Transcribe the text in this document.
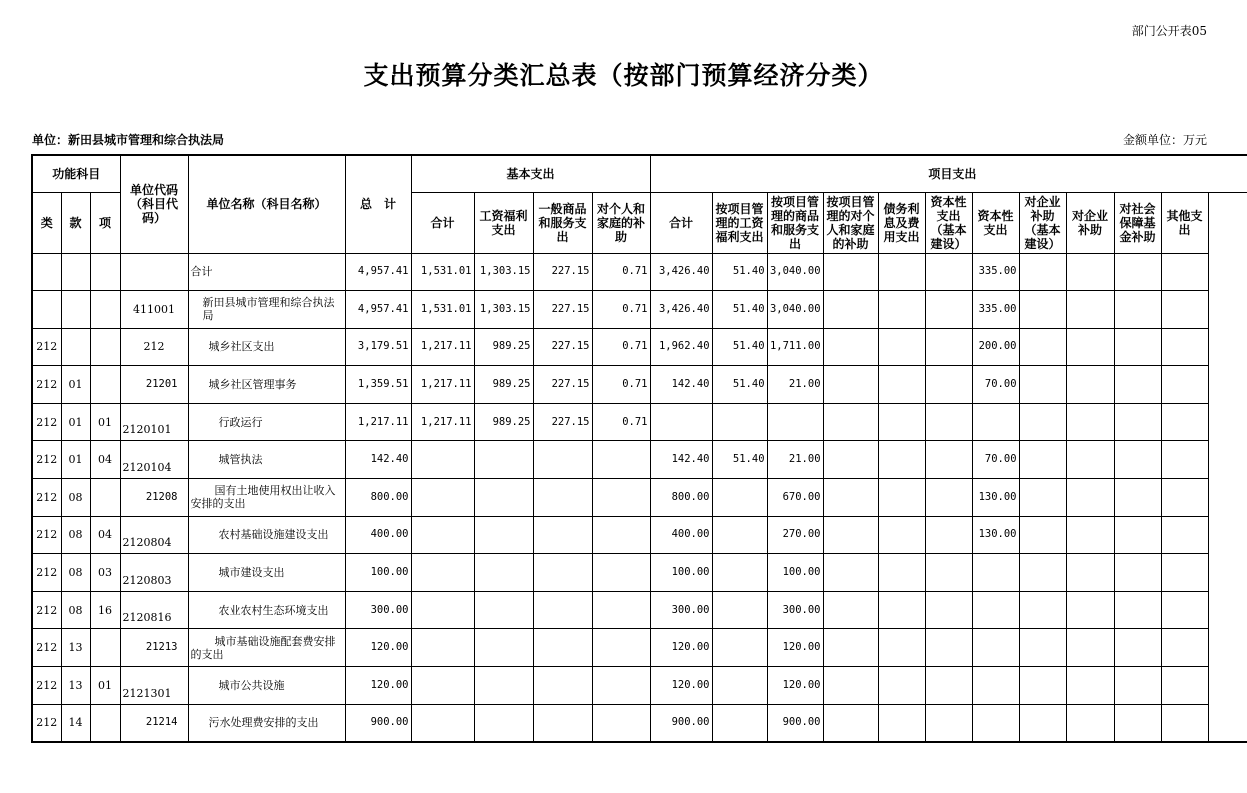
部门公开表05
支出预算分类汇总表（按部门预算经济分类）
单位：新田县城市管理和综合执法局	金额单位：万元
功能科目			单位代码（科目代码）	单位名称（科目名称）	总　计	基本支出				项目支出										
类	款	项				合计	工资福利支出	一般商品和服务支出	对个人和家庭的补助	合计	按项目管理的工资福利支出	按项目管理的商品和服务支出	按项目管理的对个人和家庭的补助	债务利息及费用支出	资本性支出（基本建设）	资本性支出	对企业补助（基本建设）	对企业补助	对社会保障基金补助	其他支出
				合计	4,957.41	1,531.01	1,303.15	227.15	0.71	3,426.40	51.40	3,040.00				335.00				
			411001	新田县城市管理和综合执法局	4,957.41	1,531.01	1,303.15	227.15	0.71	3,426.40	51.40	3,040.00				335.00				
212			212	城乡社区支出	3,179.51	1,217.11	989.25	227.15	0.71	1,962.40	51.40	1,711.00				200.00				
212	01		21201	城乡社区管理事务	1,359.51	1,217.11	989.25	227.15	0.71	142.40	51.40	21.00				70.00				
212	01	01	2120101	行政运行	1,217.11	1,217.11	989.25	227.15	0.71											
212	01	04	2120104	城管执法	142.40					142.40	51.40	21.00				70.00				
212	08		21208	国有土地使用权出让收入安排的支出	800.00					800.00		670.00				130.00				
212	08	04	2120804	农村基础设施建设支出	400.00					400.00		270.00				130.00				
212	08	03	2120803	城市建设支出	100.00					100.00		100.00								
212	08	16	2120816	农业农村生态环境支出	300.00					300.00		300.00								
212	13		21213	城市基础设施配套费安排的支出	120.00					120.00		120.00								
212	13	01	2121301	城市公共设施	120.00					120.00		120.00								
212	14		21214	污水处理费安排的支出	900.00					900.00		900.00								
